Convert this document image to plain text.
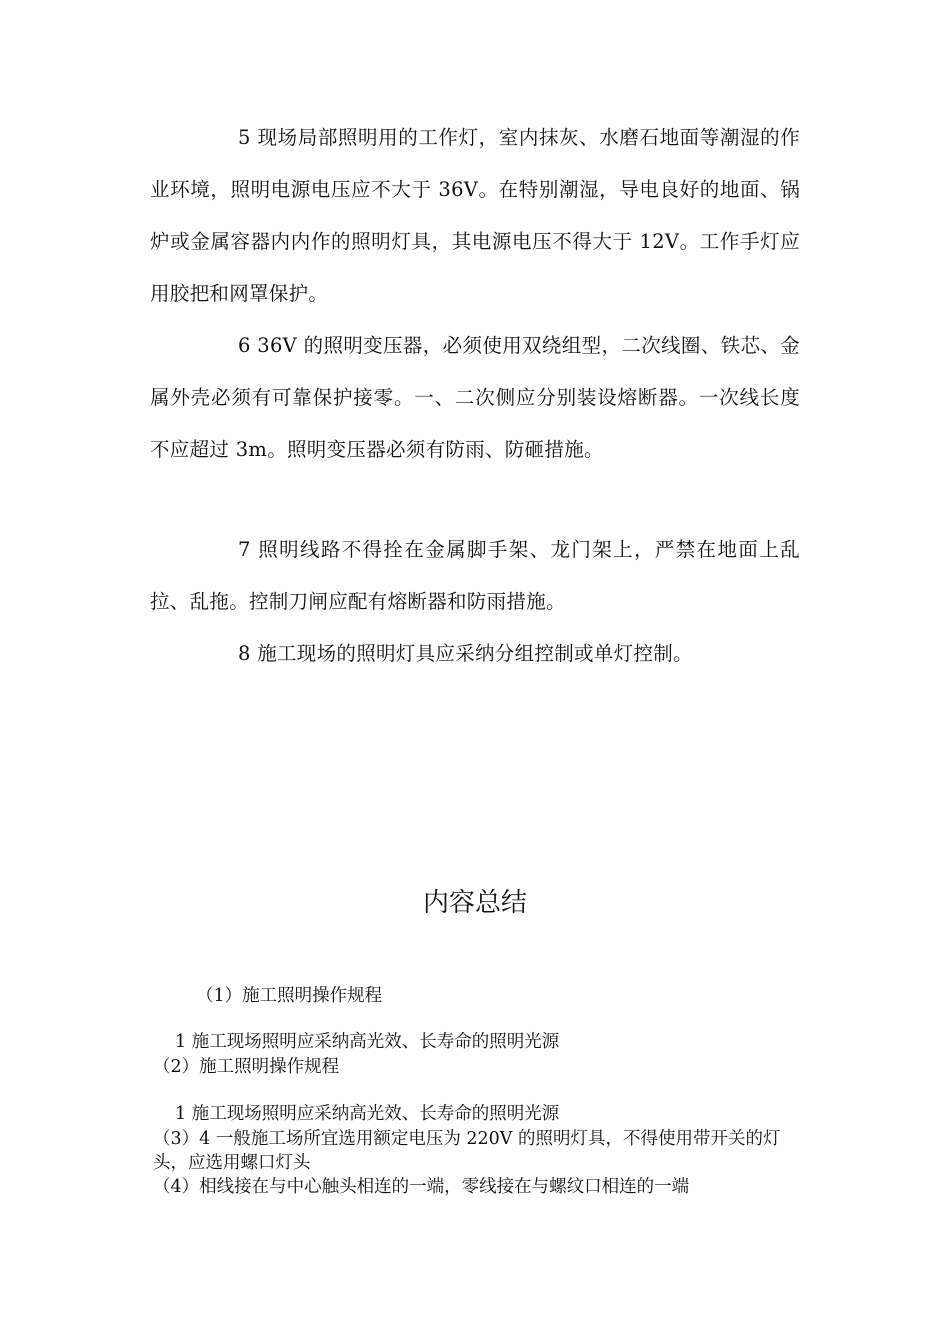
5 现场局部照明用的工作灯，室内抹灰、水磨石地面等潮湿的作业环境，照明电源电压应不大于 36V。在特别潮湿，导电良好的地面、锅炉或金属容器内内作的照明灯具，其电源电压不得大于 12V。工作手灯应用胶把和网罩保护。

6 36V 的照明变压器，必须使用双绕组型，二次线圈、铁芯、金属外壳必须有可靠保护接零。一、二次侧应分别装设熔断器。一次线长度不应超过 3m。照明变压器必须有防雨、防砸措施。

7 照明线路不得拴在金属脚手架、龙门架上，严禁在地面上乱拉、乱拖。控制刀闸应配有熔断器和防雨措施。

8 施工现场的照明灯具应采纳分组控制或单灯控制。

内容总结

（1）施工照明操作规程

1 施工现场照明应采纳高光效、长寿命的照明光源

（2）施工照明操作规程

1 施工现场照明应采纳高光效、长寿命的照明光源

（3）4 一般施工场所宜选用额定电压为 220V 的照明灯具，不得使用带开关的灯头，应选用螺口灯头

（4）相线接在与中心触头相连的一端，零线接在与螺纹口相连的一端
